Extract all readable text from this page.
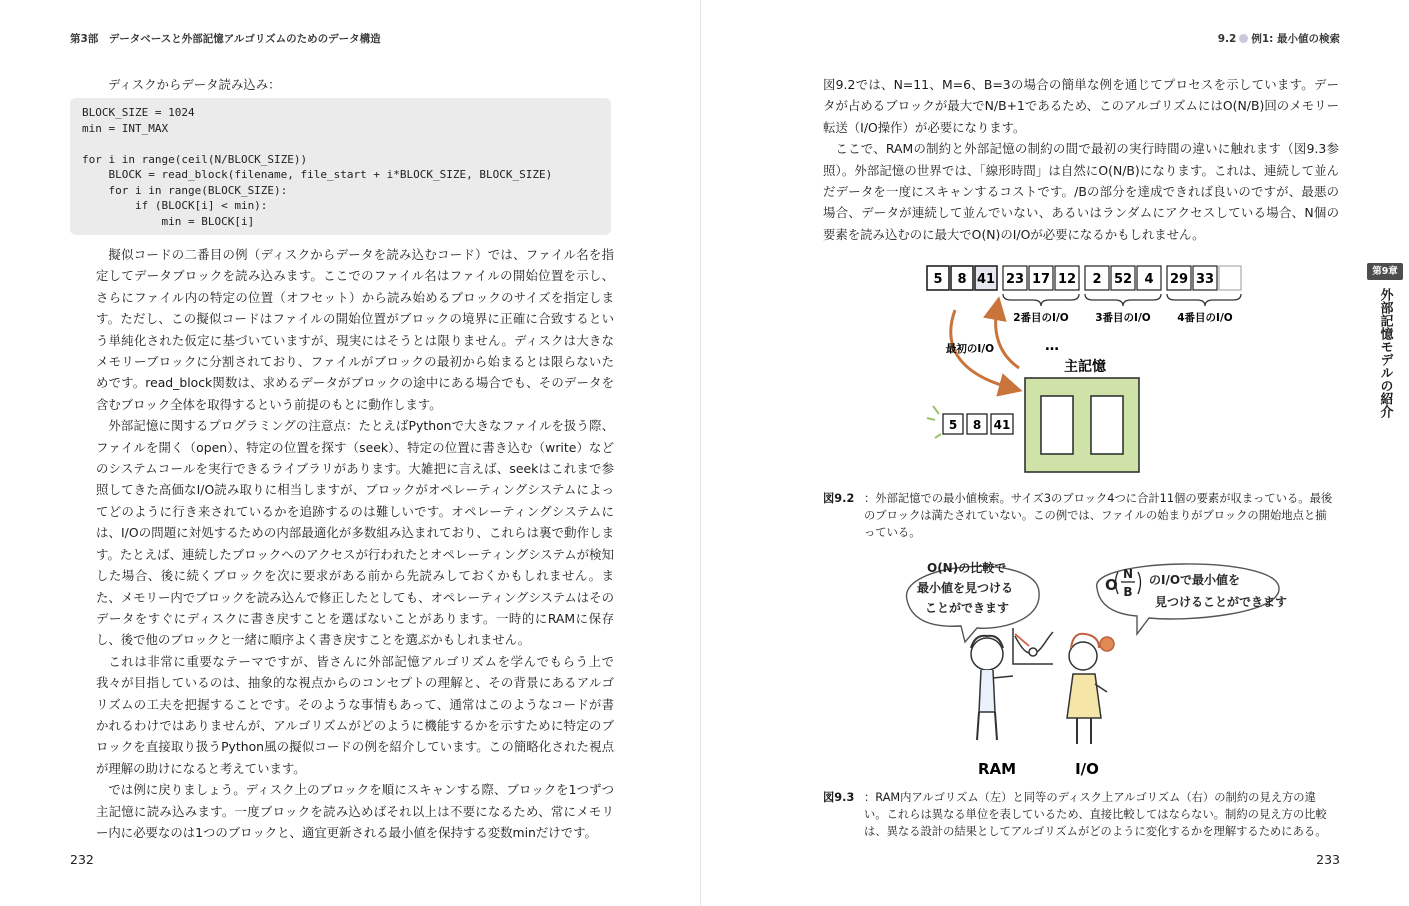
第3部　データベースと外部記憶アルゴリズムのためのデータ構造
ディスクからデータ読み込み：
BLOCK_SIZE = 1024
min = INT_MAX

for i in range(ceil(N/BLOCK_SIZE))
BLOCK = read_block(filename, file_start + i*BLOCK_SIZE, BLOCK_SIZE)
for i in range(BLOCK_SIZE):
if (BLOCK[i] < min):
min = BLOCK[i]

擬似コードの二番目の例（ディスクからデータを読み込むコード）では、ファイル名を指定してデータブロックを読み込みます。ここでのファイル名はファイルの開始位置を示し、さらにファイル内の特定の位置（オフセット）から読み始めるブロックのサイズを指定します。ただし、この擬似コードはファイルの開始位置がブロックの境界に正確に合致するという単純化された仮定に基づいていますが、現実にはそうとは限りません。ディスクは大きなメモリーブロックに分割されており、ファイルがブロックの最初から始まるとは限らないためです。read_block関数は、求めるデータがブロックの途中にある場合でも、そのデータを含むブロック全体を取得するという前提のもとに動作します。

外部記憶に関するプログラミングの注意点：たとえばPythonで大きなファイルを扱う際、ファイルを開く（open）、特定の位置を探す（seek）、特定の位置に書き込む（write）などのシステムコールを実行できるライブラリがあります。大雑把に言えば、seekはこれまで参照してきた高価なI/O読み取りに相当しますが、ブロックがオペレーティングシステムによってどのように行き来されているかを追跡するのは難しいです。オペレーティングシステムには、I/Oの問題に対処するための内部最適化が多数組み込まれており、これらは裏で動作します。たとえば、連続したブロックへのアクセスが行われたとオペレーティングシステムが検知した場合、後に続くブロックを次に要求がある前から先読みしておくかもしれません。また、メモリー内でブロックを読み込んで修正したとしても、オペレーティングシステムはそのデータをすぐにディスクに書き戻すことを選ばないことがあります。一時的にRAMに保存し、後で他のブロックと一緒に順序よく書き戻すことを選ぶかもしれません。

これは非常に重要なテーマですが、皆さんに外部記憶アルゴリズムを学んでもらう上で我々が目指しているのは、抽象的な視点からのコンセプトの理解と、その背景にあるアルゴリズムの工夫を把握することです。そのような事情もあって、通常はこのようなコードが書かれるわけではありませんが、アルゴリズムがどのように機能するかを示すために特定のブロックを直接取り扱うPython風の擬似コードの例を紹介しています。この簡略化された視点が理解の助けになると考えています。

では例に戻りましょう。ディスク上のブロックを順にスキャンする際、ブロックを1つずつ主記憶に読み込みます。一度ブロックを読み込めばそれ以上は不要になるため、常にメモリー内に必要なのは1つのブロックと、適宜更新される最小値を保持する変数minだけです。

232
9.2 例1: 最小値の検索

図9.2では、N=11、M=6、B=3の場合の簡単な例を通じてプロセスを示しています。データが占めるブロックが最大でN/B+1であるため、このアルゴリズムにはO(N/B)回のメモリー転送（I/O操作）が必要になります。

ここで、RAMの制約と外部記憶の制約の間で最初の実行時間の違いに触れます（図9.3参照）。外部記憶の世界では、「線形時間」は自然にO(N/B)になります。これは、連続して並んだデータを一度にスキャンするコストです。/Bの部分を達成できれば良いのですが、最悪の場合、データが連続して並んでいない、あるいはランダムにアクセスしている場合、N個の要素を読み込むのに最大でO(N)のI/Oが必要になるかもしれません。

5 8 41 23 17 12 2 52 4 29 33
2番目のI/O	3番目のI/O	4番目のI/O
最初のI/O	…
主記憶
5 8 41
図9.2 ：外部記憶での最小値検索。サイズ3のブロック4つに合計11個の要素が収まっている。最後のブロックは満たされていない。この例では、ファイルの始まりがブロックの開始地点と揃っている。
O(N)の比較で
最小値を見つける
ことができます
O
N
B
のI/Oで最小値を
見つけることができます
RAM	I/O
図9.3 ：RAM内アルゴリズム（左）と同等のディスク上アルゴリズム（右）の制約の見え方の違い。これらは異なる単位を表しているため、直接比較してはならない。制約の見え方の比較は、異なる設計の結果としてアルゴリズムがどのように変化するかを理解するためにある。
第9章
外部記憶モデルの紹介
233
